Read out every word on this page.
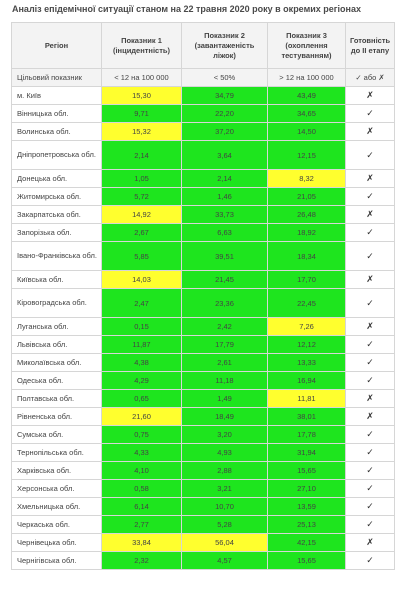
Аналіз епідемічної ситуації станом на 22 травня 2020 року в окремих регіонах
Регіон	Показник 1 (інцидентність)	Показник 2 (завантаженість ліжок)	Показник 3 (охоплення тестуванням)	Готовність до II етапу
Цільовий показник	< 12 на 100 000	< 50%	> 12 на 100 000	✓ або ✗
м. Київ	15,30	34,79	43,49	✗
Вінницька обл.	9,71	22,20	34,65	✓
Волинська обл.	15,32	37,20	14,50	✗
Дніпропетровська обл.	2,14	3,64	12,15	✓
Донецька обл.	1,05	2,14	8,32	✗
Житомирська обл.	5,72	1,46	21,05	✓
Закарпатська обл.	14,92	33,73	26,48	✗
Запорізька обл.	2,67	6,63	18,92	✓
Івано-Франківська обл.	5,85	39,51	18,34	✓
Київська обл.	14,03	21,45	17,70	✗
Кіровоградська обл.	2,47	23,36	22,45	✓
Луганська обл.	0,15	2,42	7,26	✗
Львівська обл.	11,87	17,79	12,12	✓
Миколаївська обл.	4,38	2,61	13,33	✓
Одеська обл.	4,29	11,18	16,94	✓
Полтавська обл.	0,65	1,49	11,81	✗
Рівненська обл.	21,60	18,49	38,01	✗
Сумська обл.	0,75	3,20	17,78	✓
Тернопільська обл.	4,33	4,93	31,94	✓
Харківська обл.	4,10	2,88	15,65	✓
Херсонська обл.	0,58	3,21	27,10	✓
Хмельницька обл.	6,14	10,70	13,59	✓
Черкаська обл.	2,77	5,28	25,13	✓
Чернівецька обл.	33,84	56,04	42,15	✗
Чернігівська обл.	2,32	4,57	15,65	✓
